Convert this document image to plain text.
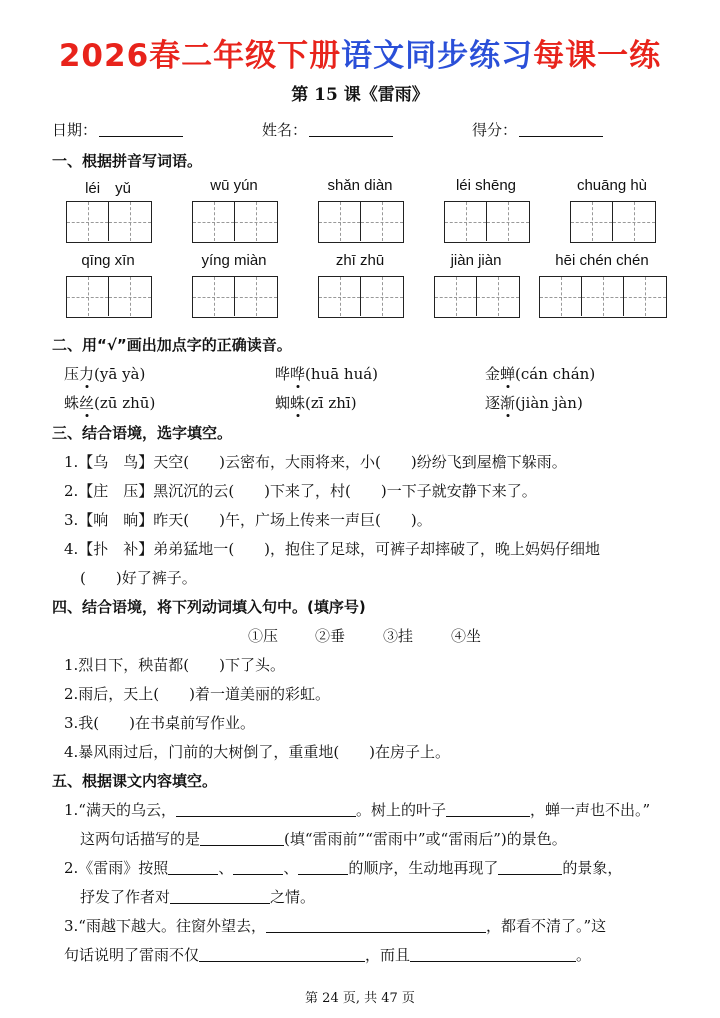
2026春二年级下册语文同步练习每课一练
第 15 课《雷雨》
日期：	姓名：	得分：
一、根据拼音写词语。
léi　yǔ	wū yún	shǎn diàn	léi shēng	chuāng hù
qīng xīn	yíng miàn	zhī zhū	jiàn jiàn	hēi chén chén
二、用“√”画出加点字的正确读音。
压力(yā yà)	哗哗(huā huá)	金蝉(cán chán)
蛛丝(zū zhū)	蜘蛛(zī zhī)	逐渐(jiàn jàn)
三、结合语境，选字填空。
1.【乌　鸟】天空(　　)云密布，大雨将来，小(　　)纷纷飞到屋檐下躲雨。
2.【庄　压】黑沉沉的云(　　)下来了，村(　　)一下子就安静下来了。
3.【响　晌】昨天(　　)午，广场上传来一声巨(　　)。
4.【扑　补】弟弟猛地一(　　)，抱住了足球，可裤子却摔破了，晚上妈妈仔细地
(　　)好了裤子。
四、结合语境，将下列动词填入句中。(填序号)
①压 ②垂	③挂	④坐
1.烈日下，秧苗都(　　)下了头。
2.雨后，天上(　　)着一道美丽的彩虹。
3.我(　　)在书桌前写作业。
4.暴风雨过后，门前的大树倒了，重重地(　　)在房子上。
五、根据课文内容填空。
1.“满天的乌云，	。树上的叶子	，蝉一声也不出。”
这两句话描写的是	(填“雷雨前”“雷雨中”或“雷雨后”)的景色。
2.《雷雨》按照	、	、	的顺序，生动地再现了	的景象，
抒发了作者对	之情。
3.“雨越下越大。往窗外望去，	，都看不清了。”这
句话说明了雷雨不仅	，而且	。
第 24 页, 共 47 页
